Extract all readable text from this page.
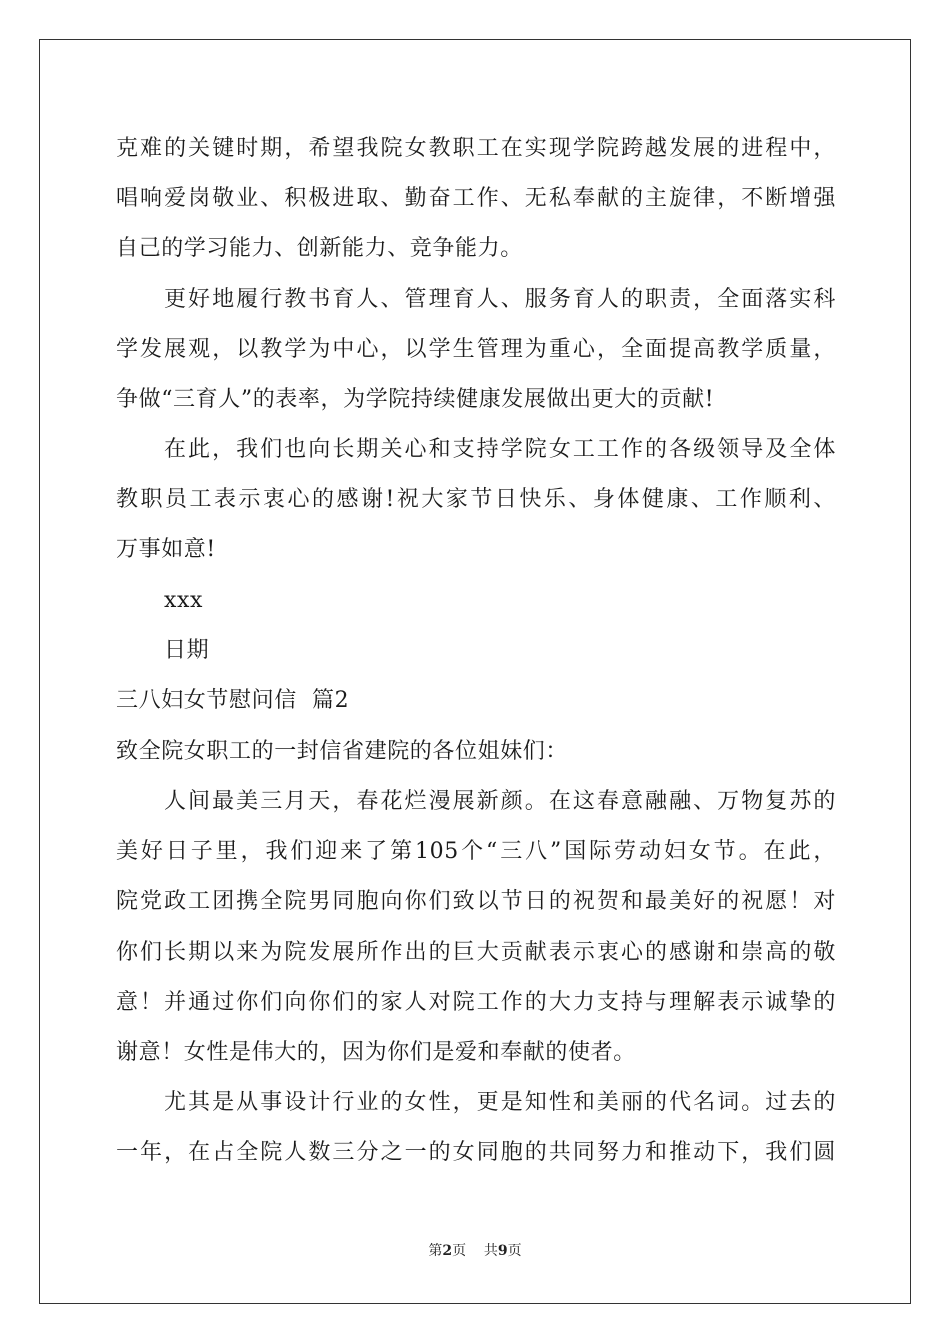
克难的关键时期，希望我院女教职工在实现学院跨越发展的进程中，
唱响爱岗敬业、积极进取、勤奋工作、无私奉献的主旋律，不断增强
自己的学习能力、创新能力、竞争能力。
更好地履行教书育人、管理育人、服务育人的职责，全面落实科
学发展观，以教学为中心，以学生管理为重心，全面提高教学质量，
争做“三育人”的表率，为学院持续健康发展做出更大的贡献!
在此，我们也向长期关心和支持学院女工工作的各级领导及全体
教职员工表示衷心的感谢!祝大家节日快乐、身体健康、工作顺利、
万事如意!
xxx
日期
三八妇女节慰问信  篇2
致全院女职工的一封信省建院的各位姐妹们：
人间最美三月天，春花烂漫展新颜。在这春意融融、万物复苏的
美好日子里，我们迎来了第105个“三八”国际劳动妇女节。在此，
院党政工团携全院男同胞向你们致以节日的祝贺和最美好的祝愿！对
你们长期以来为院发展所作出的巨大贡献表示衷心的感谢和崇高的敬
意！并通过你们向你们的家人对院工作的大力支持与理解表示诚挚的
谢意！女性是伟大的，因为你们是爱和奉献的使者。
尤其是从事设计行业的女性，更是知性和美丽的代名词。过去的
一年，在占全院人数三分之一的女同胞的共同努力和推动下，我们圆
第2页    共9页
